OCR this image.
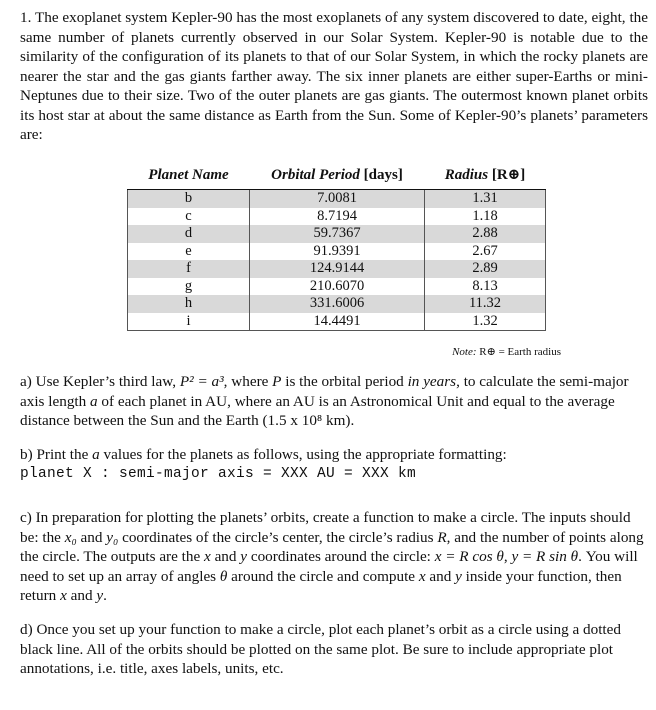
1. The exoplanet system Kepler-90 has the most exoplanets of any system discovered to date, eight, the same number of planets currently observed in our Solar System. Kepler-90 is notable due to the similarity of the configuration of its planets to that of our Solar System, in which the rocky planets are nearer the star and the gas giants farther away. The six inner planets are either super-Earths or mini-Neptunes due to their size. Two of the outer planets are gas giants. The outermost known planet orbits its host star at about the same distance as Earth from the Sun. Some of Kepler-90’s planets’ parameters are:

Planet Name	Orbital Period [days]	Radius [R⊕]
b	7.0081	1.31
c	8.7194	1.18
d	59.7367	2.88
e	91.9391	2.67
f	124.9144	2.89
g	210.6070	8.13
h	331.6006	11.32
i	14.4491	1.32
Note: R⊕ = Earth radius

a) Use Kepler’s third law, P² = a³, where P is the orbital period in years, to calculate the semi-major axis length a of each planet in AU, where an AU is an Astronomical Unit and equal to the average distance between the Sun and the Earth (1.5 x 10⁸ km).

b) Print the a values for the planets as follows, using the appropriate formatting:

planet X : semi-major axis = XXX AU = XXX km

c) In preparation for plotting the planets’ orbits, create a function to make a circle. The inputs should be: the x₀ and y₀ coordinates of the circle’s center, the circle’s radius R, and the number of points along the circle. The outputs are the x and y coordinates around the circle: x = R cos θ, y = R sin θ. You will need to set up an array of angles θ around the circle and compute x and y inside your function, then return x and y.

d) Once you set up your function to make a circle, plot each planet’s orbit as a circle using a dotted black line. All of the orbits should be plotted on the same plot. Be sure to include appropriate plot annotations, i.e. title, axes labels, units, etc.
